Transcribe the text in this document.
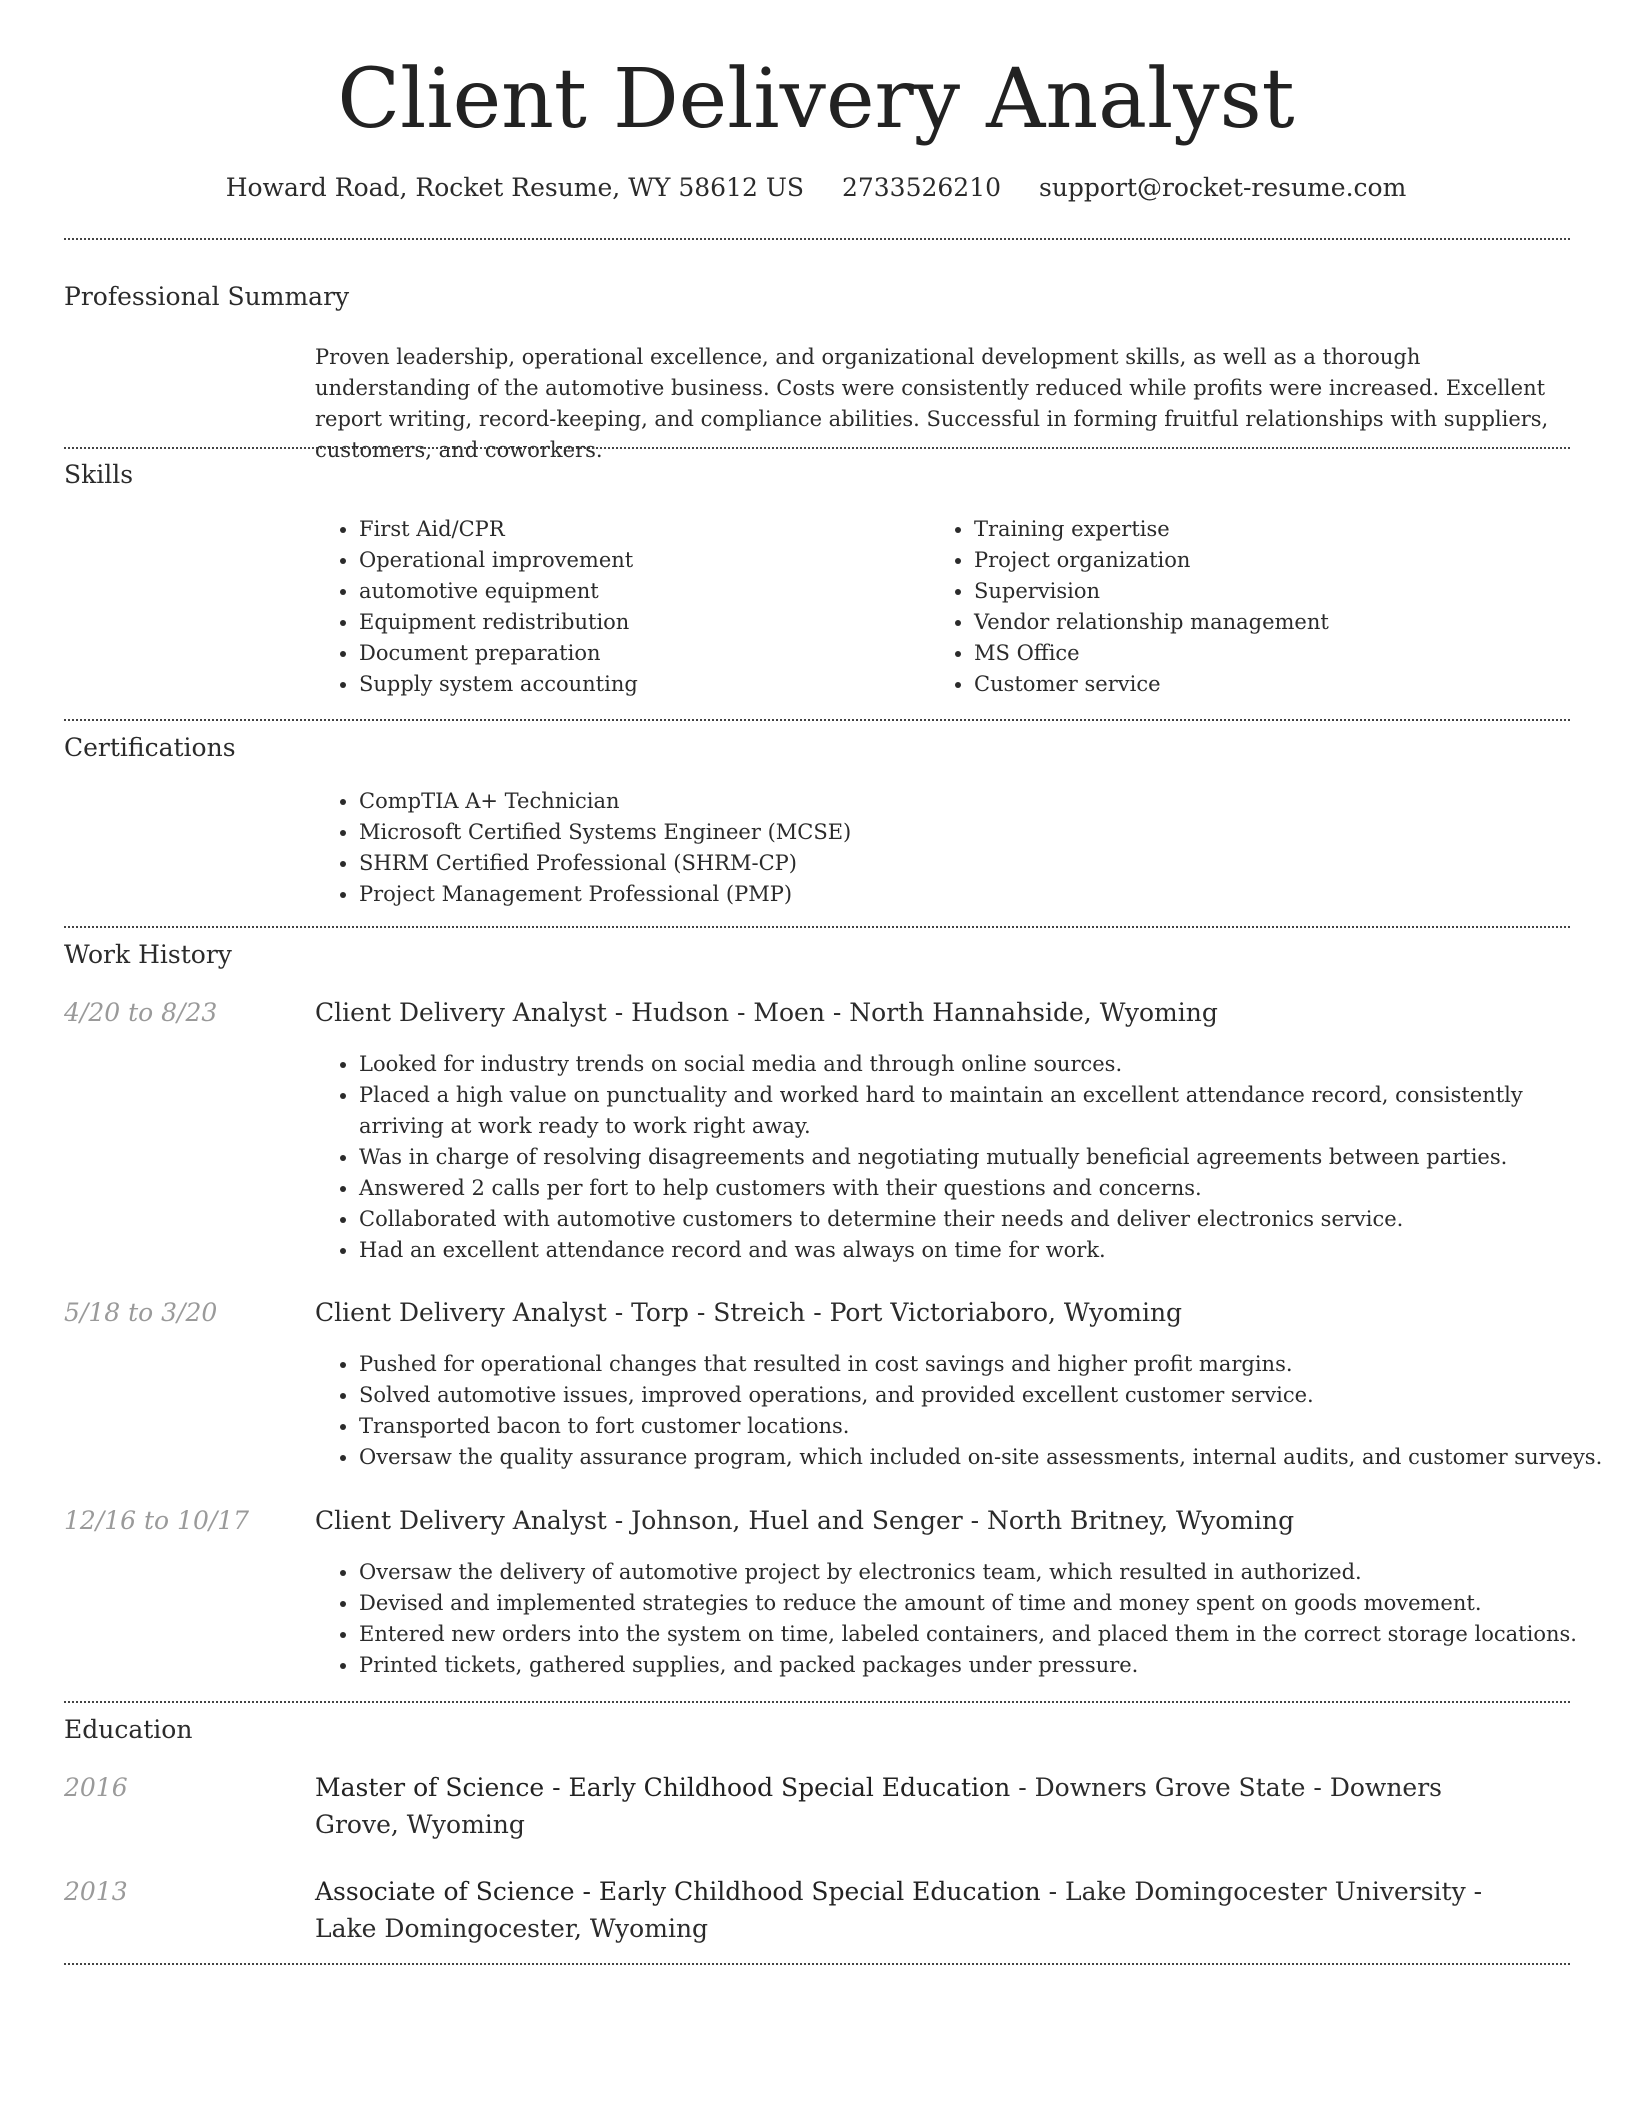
Client Delivery Analyst
Howard Road, Rocket Resume, WY 58612 US 2733526210 support@rocket-resume.com
Professional Summary

Proven leadership, operational excellence, and organizational development skills, as well as a thorough understanding of the automotive business. Costs were consistently reduced while profits were increased. Excellent report writing, record-keeping, and compliance abilities. Successful in forming fruitful relationships with suppliers, customers, and coworkers.

Skills
• First Aid/CPR
• Operational improvement
• automotive equipment
• Equipment redistribution
• Document preparation
• Supply system accounting
• Training expertise
• Project organization
• Supervision
• Vendor relationship management
• MS Office
• Customer service
Certifications
• CompTIA A+ Technician
• Microsoft Certified Systems Engineer (MCSE)
• SHRM Certified Professional (SHRM-CP)
• Project Management Professional (PMP)
Work History
4/20 to 8/23	Client Delivery Analyst - Hudson - Moen - North Hannahside, Wyoming
• Looked for industry trends on social media and through online sources.
• Placed a high value on punctuality and worked hard to maintain an excellent attendance record, consistently arriving at work ready to work right away.
• Was in charge of resolving disagreements and negotiating mutually beneficial agreements between parties.
• Answered 2 calls per fort to help customers with their questions and concerns.
• Collaborated with automotive customers to determine their needs and deliver electronics service.
• Had an excellent attendance record and was always on time for work.
5/18 to 3/20	Client Delivery Analyst - Torp - Streich - Port Victoriaboro, Wyoming
• Pushed for operational changes that resulted in cost savings and higher profit margins.
• Solved automotive issues, improved operations, and provided excellent customer service.
• Transported bacon to fort customer locations.
• Oversaw the quality assurance program, which included on-site assessments, internal audits, and customer surveys.
12/16 to 10/17	Client Delivery Analyst - Johnson, Huel and Senger - North Britney, Wyoming
• Oversaw the delivery of automotive project by electronics team, which resulted in authorized.
• Devised and implemented strategies to reduce the amount of time and money spent on goods movement.
• Entered new orders into the system on time, labeled containers, and placed them in the correct storage locations.
• Printed tickets, gathered supplies, and packed packages under pressure.
Education
2016	Master of Science - Early Childhood Special Education - Downers Grove State - Downers Grove, Wyoming
2013	Associate of Science - Early Childhood Special Education - Lake Domingocester University - Lake Domingocester, Wyoming
